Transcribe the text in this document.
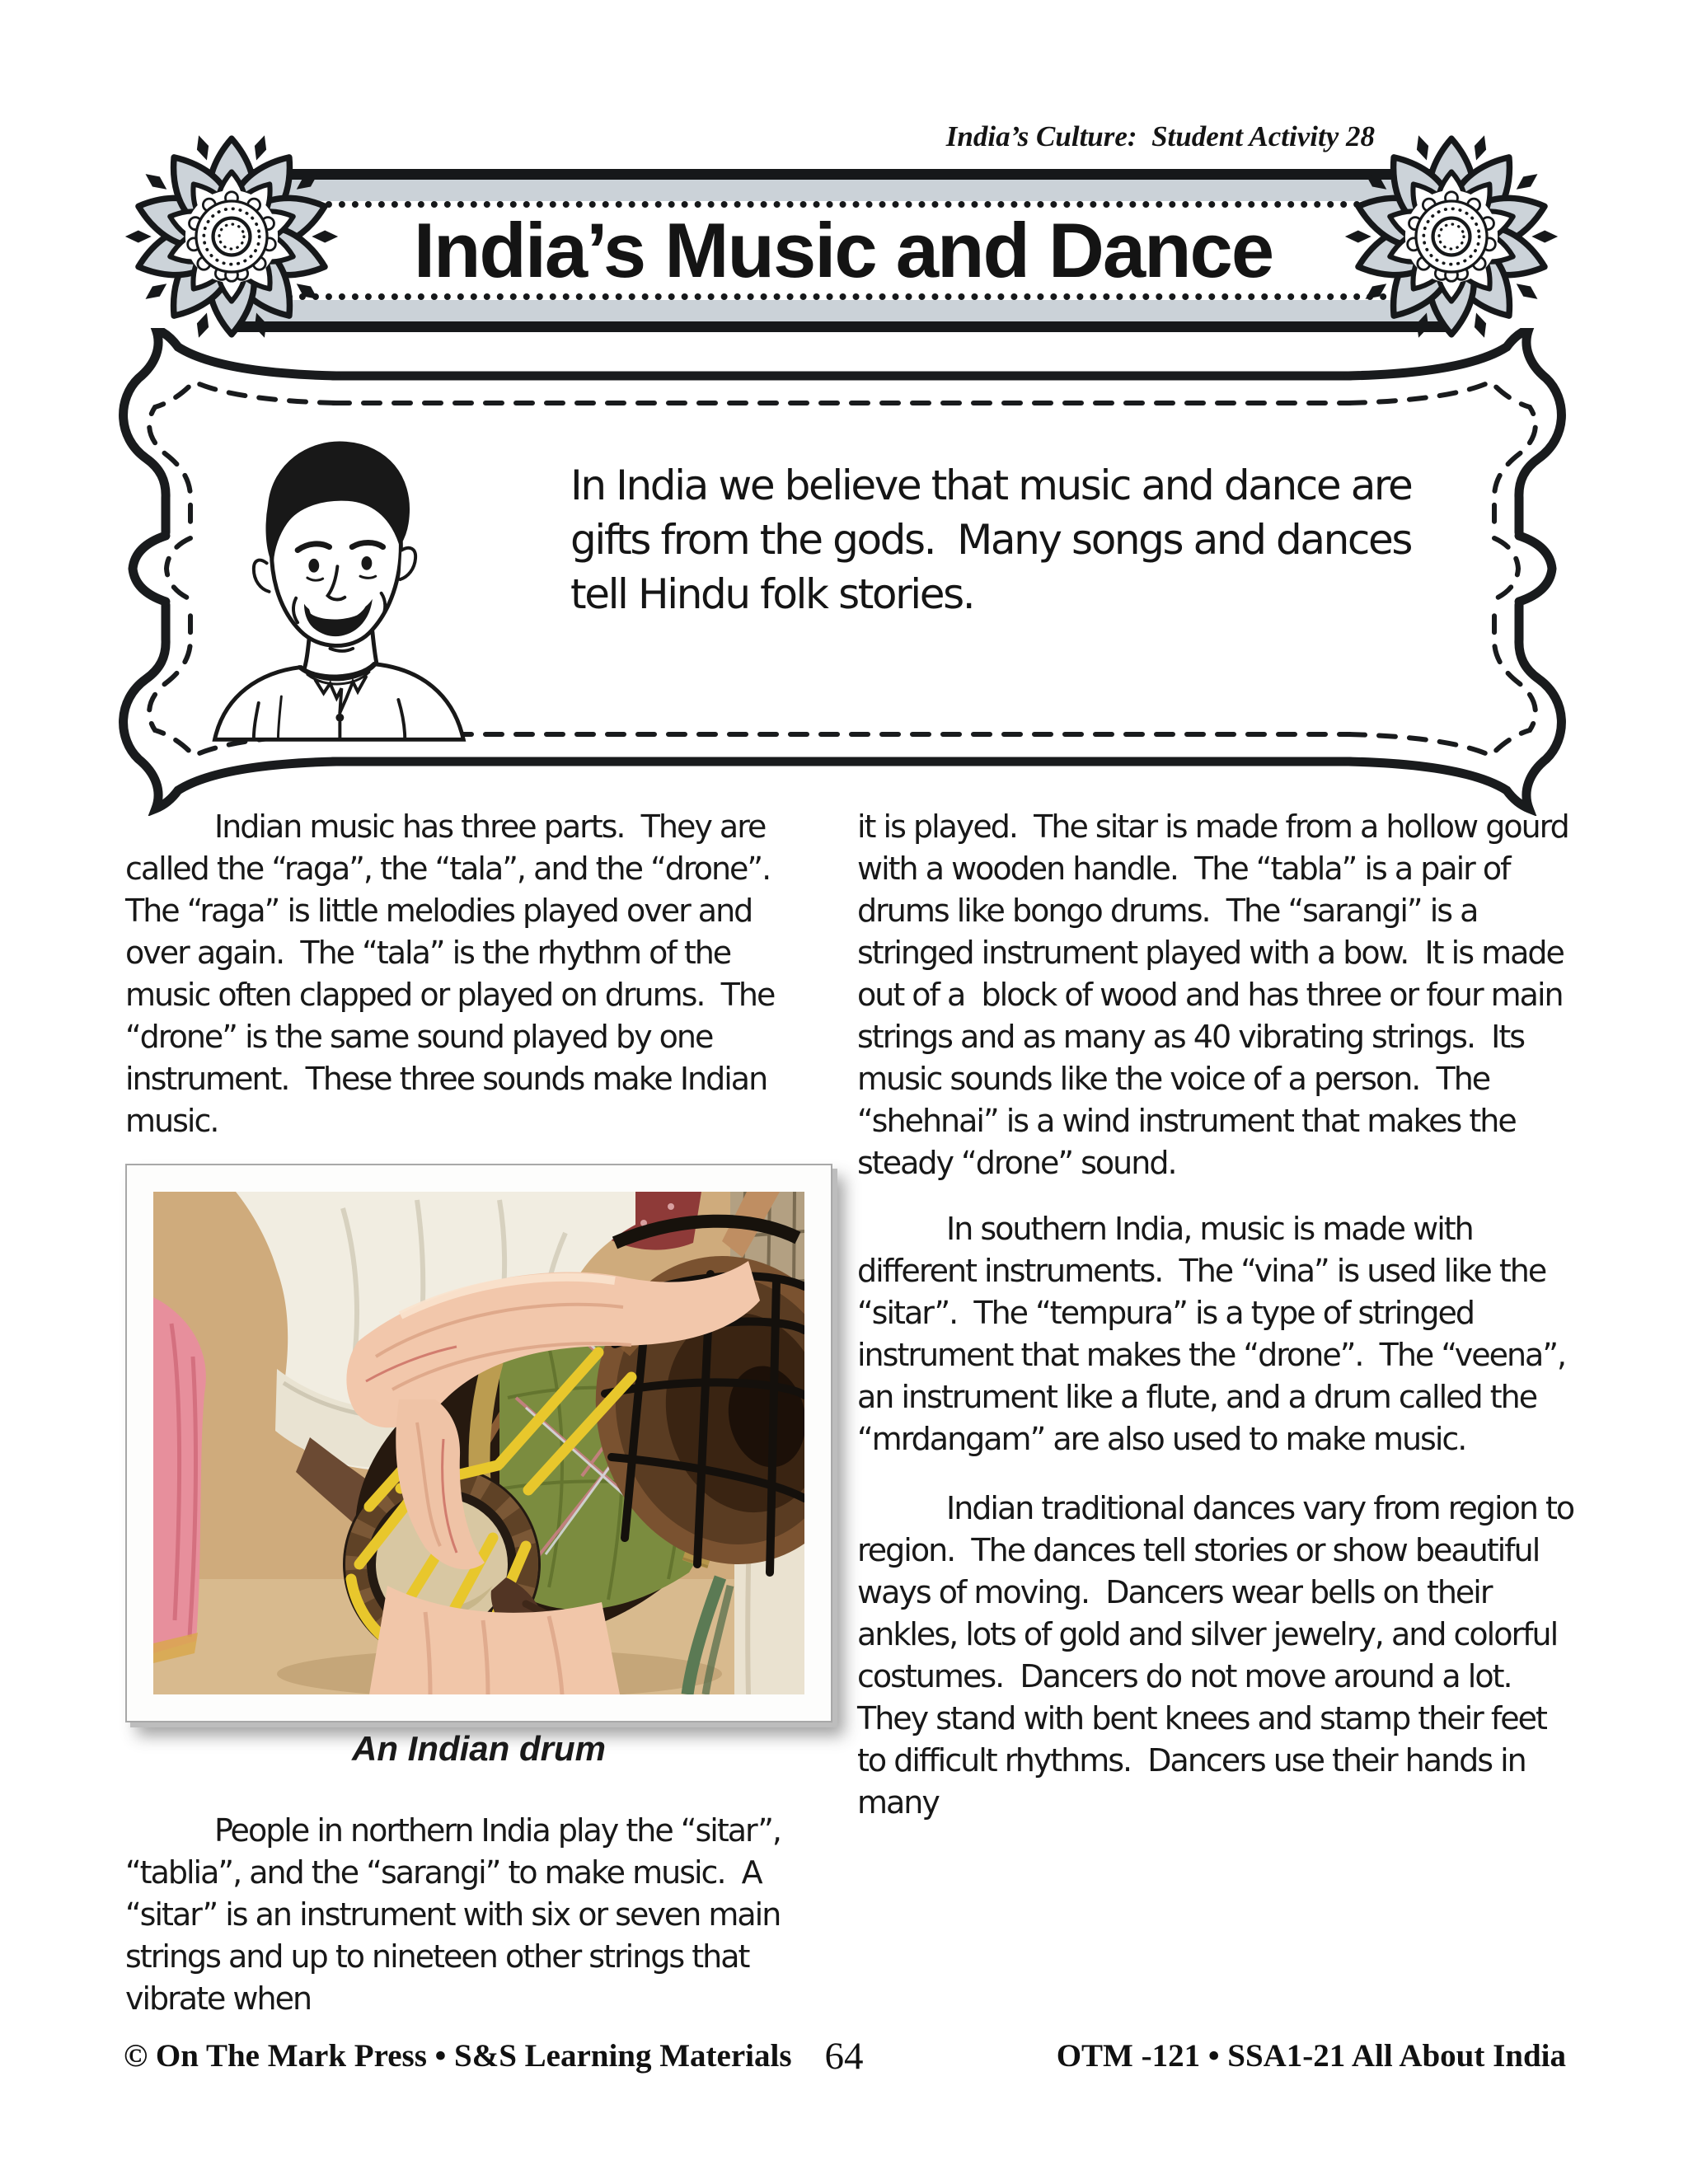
India’s Culture:  Student Activity 28
India’s Music and Dance
In India we believe that music and dance are gifts from the gods.  Many songs and dances tell Hindu folk stories.

Indian music has three parts.  They are called the “raga”, the “tala”, and the “drone”.  The “raga” is little melodies played over and over again.  The “tala” is the rhythm of the music often clapped or played on drums.  The “drone” is the same sound played by one instrument.  These three sounds make Indian music.

An Indian drum

People in northern India play the “sitar”, “tablia”, and the “sarangi” to make music.  A “sitar” is an instrument with six or seven main strings and up to nineteen other strings that vibrate when

it is played.  The sitar is made from a hollow gourd with a wooden handle.  The “tabla” is a pair of drums like bongo drums.  The “sarangi” is a stringed instrument played with a bow.  It is made out of a  block of wood and has three or four main strings and as many as 40 vibrating strings.  Its music sounds like the voice of a person.  The “shehnai” is a wind instrument that makes the steady “drone” sound.

In southern India, music is made with different instruments.  The “vina” is used like the “sitar”.  The “tempura” is a type of stringed instrument that makes the “drone”.  The “veena”, an instrument like a flute, and a drum called the “mrdangam” are also used to make music.

Indian traditional dances vary from region to region.  The dances tell stories or show beautiful ways of moving.  Dancers wear bells on their ankles, lots of gold and silver jewelry, and colorful costumes.  Dancers do not move around a lot.  They stand with bent knees and stamp their feet to difficult rhythms.  Dancers use their hands in many

© On The Mark Press • S&S Learning Materials 64	OTM -121 • SSA1-21 All About India
